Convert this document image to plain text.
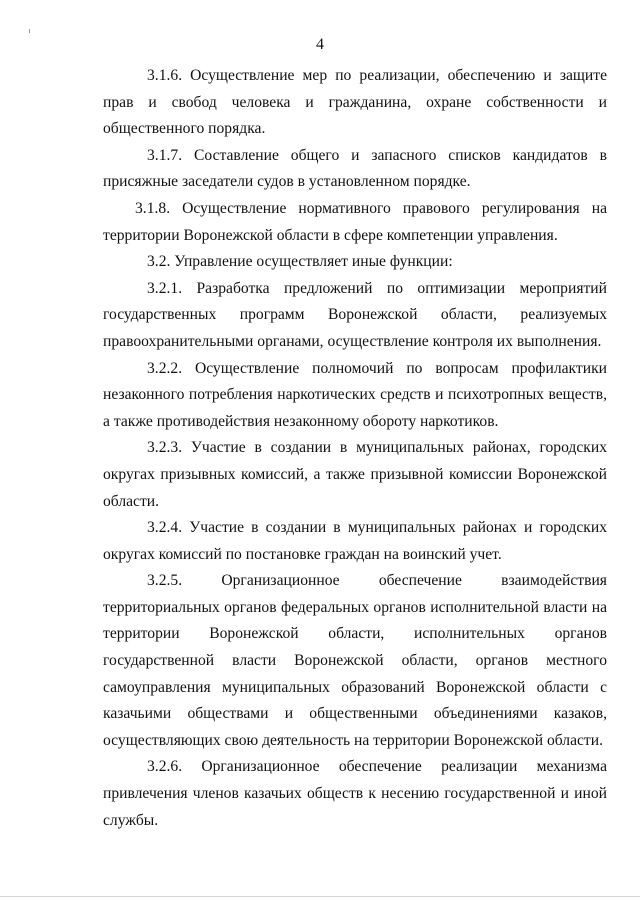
4

3.1.6. Осуществление мер по реализации, обеспечению и защите прав и свобод человека и гражданина, охране собственности и общественного порядка.

3.1.7. Составление общего и запасного списков кандидатов в присяжные заседатели судов в установленном порядке.

3.1.8. Осуществление нормативного правового регулирования на территории Воронежской области в сфере компетенции управления.

3.2. Управление осуществляет иные функции:

3.2.1. Разработка предложений по оптимизации мероприятий государственных программ Воронежской области, реализуемых правоохранительными органами, осуществление контроля их выполнения.

3.2.2. Осуществление полномочий по вопросам профилактики незаконного потребления наркотических средств и психотропных веществ, а также противодействия незаконному обороту наркотиков.

3.2.3. Участие в создании в муниципальных районах, городских округах призывных комиссий, а также призывной комиссии Воронежской области.

3.2.4. Участие в создании в муниципальных районах и городских округах комиссий по постановке граждан на воинский учет.

3.2.5. Организационное обеспечение взаимодействия территориальных органов федеральных органов исполнительной власти на территории Воронежской области, исполнительных органов государственной власти Воронежской области, органов местного самоуправления муниципальных образований Воронежской области с казачьими обществами и общественными объединениями казаков, осуществляющих свою деятельность на территории Воронежской области.

3.2.6. Организационное обеспечение реализации механизма привлечения членов казачьих обществ к несению государственной и иной службы.
